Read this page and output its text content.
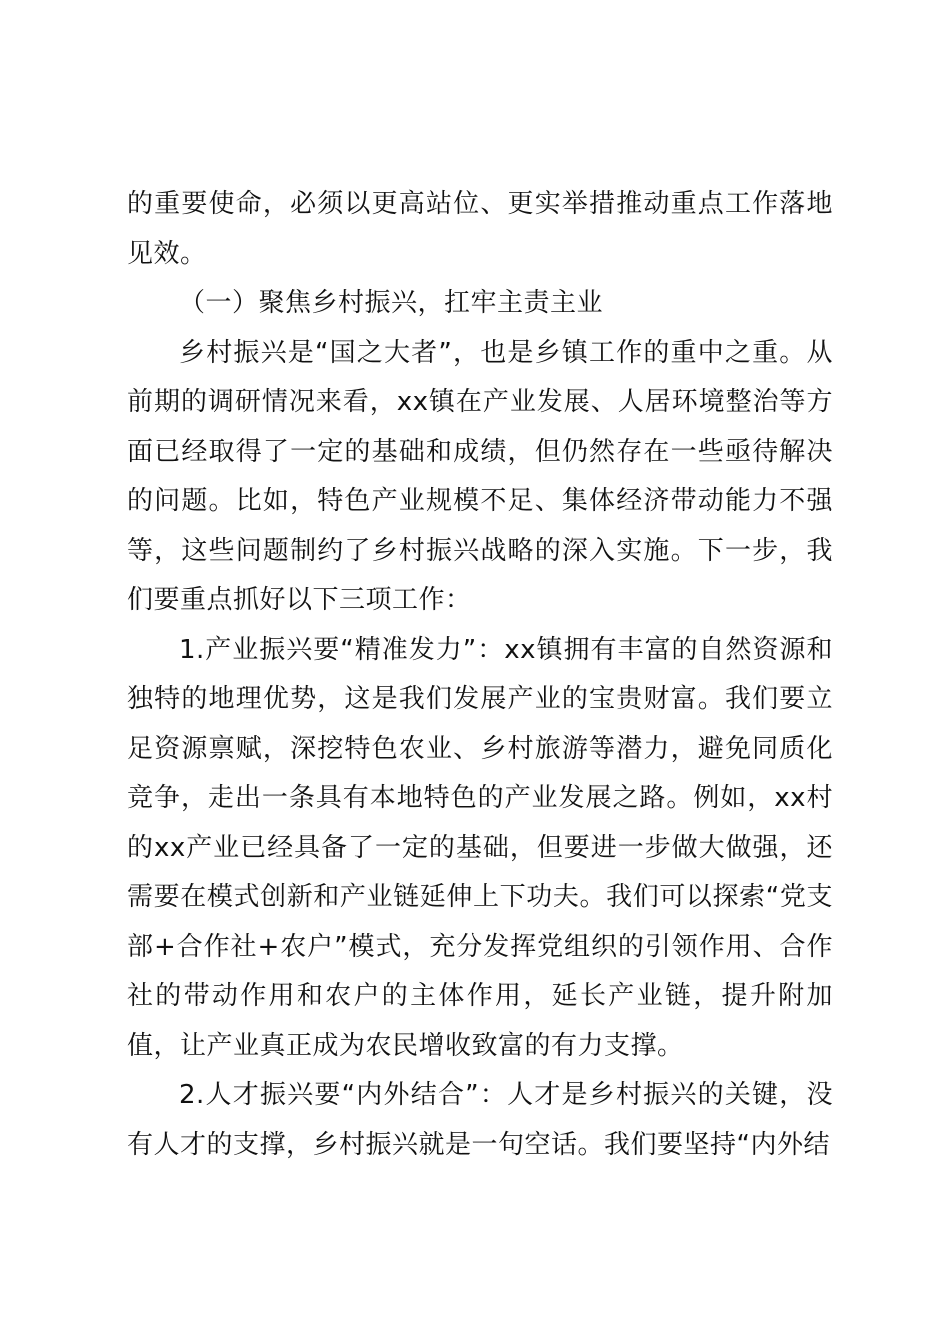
的重要使命，必须以更高站位、更实举措推动重点工作落地见效。

（一）聚焦乡村振兴，扛牢主责主业

乡村振兴是“国之大者”，也是乡镇工作的重中之重。从前期的调研情况来看，xx镇在产业发展、人居环境整治等方面已经取得了一定的基础和成绩，但仍然存在一些亟待解决的问题。比如，特色产业规模不足、集体经济带动能力不强等，这些问题制约了乡村振兴战略的深入实施。下一步，我们要重点抓好以下三项工作：

1.产业振兴要“精准发力”：xx镇拥有丰富的自然资源和独特的地理优势，这是我们发展产业的宝贵财富。我们要立足资源禀赋，深挖特色农业、乡村旅游等潜力，避免同质化竞争，走出一条具有本地特色的产业发展之路。例如，xx村的xx产业已经具备了一定的基础，但要进一步做大做强，还需要在模式创新和产业链延伸上下功夫。我们可以探索“党支部+合作社+农户”模式，充分发挥党组织的引领作用、合作社的带动作用和农户的主体作用，延长产业链，提升附加值，让产业真正成为农民增收致富的有力支撑。

2.人才振兴要“内外结合”：人才是乡村振兴的关键，没有人才的支撑，乡村振兴就是一句空话。我们要坚持“内外结
